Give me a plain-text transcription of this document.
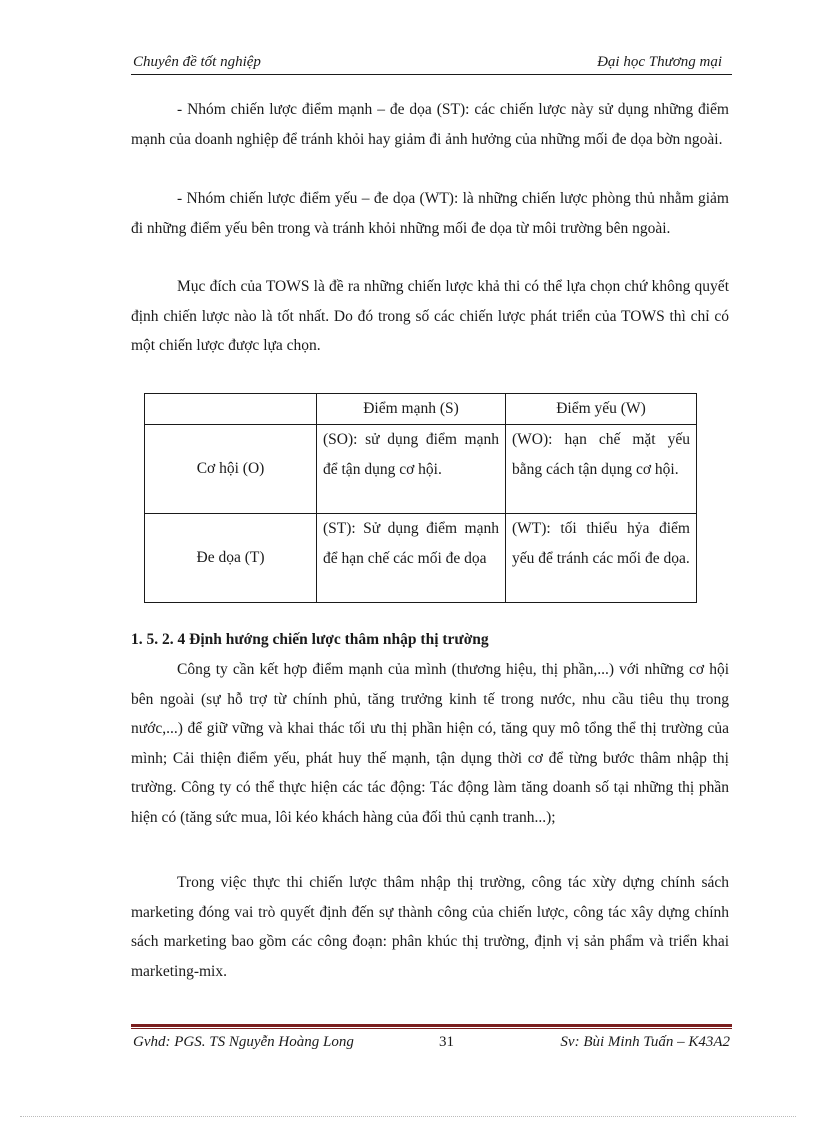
Chuyên đề tốt nghiệp	Đại học Thương mại

- Nhóm chiến lược điểm mạnh – đe dọa (ST): các chiến lược này sử dụng những điểm mạnh của doanh nghiệp để tránh khỏi hay giảm đi ảnh hưởng của những mối đe dọa bờn ngoài.

- Nhóm chiến lược điểm yếu – đe dọa (WT): là những chiến lược phòng thủ nhằm giảm đi những điểm yếu bên trong và tránh khỏi những mối đe dọa từ môi trường bên ngoài.

Mục đích của TOWS là đề ra những chiến lược khả thi có thể lựa chọn chứ không quyết định chiến lược nào là tốt nhất. Do đó trong số các chiến lược phát triển của TOWS thì chỉ có một chiến lược được lựa chọn.

	Điểm mạnh (S)	Điểm yếu (W)
Cơ hội (O)	(SO): sử dụng điểm mạnh để tận dụng cơ hội.	(WO): hạn chế mặt yếu bằng cách tận dụng cơ hội.
Đe dọa (T)	(ST): Sử dụng điểm mạnh để hạn chế các mối đe dọa	(WT): tối thiểu hỷa điểm yếu để tránh các mối đe dọa.

1. 5. 2. 4 Định hướng chiến lược thâm nhập thị trường

Công ty cần kết hợp điểm mạnh của mình (thương hiệu, thị phần,...) với những cơ hội bên ngoài (sự hỗ trợ từ chính phủ, tăng trưởng kinh tế trong nước, nhu cầu tiêu thụ trong nước,...) để giữ vững và khai thác tối ưu thị phần hiện có, tăng quy mô tổng thể thị trường của mình; Cải thiện điểm yếu, phát huy thế mạnh, tận dụng thời cơ để từng bước thâm nhập thị trường. Công ty có thể thực hiện các tác động: Tác động làm tăng doanh số tại những thị phần hiện có (tăng sức mua, lôi kéo khách hàng của đối thủ cạnh tranh...);

Trong việc thực thi chiến lược thâm nhập thị trường, công tác xừy dựng chính sách marketing đóng vai trò quyết định đến sự thành công của chiến lược, công tác xây dựng chính sách marketing bao gồm các công đoạn: phân khúc thị trường, định vị sản phẩm và triển khai marketing-mix.

Gvhd: PGS. TS Nguyễn Hoàng Long	31	Sv: Bùi Minh Tuấn – K43A2
